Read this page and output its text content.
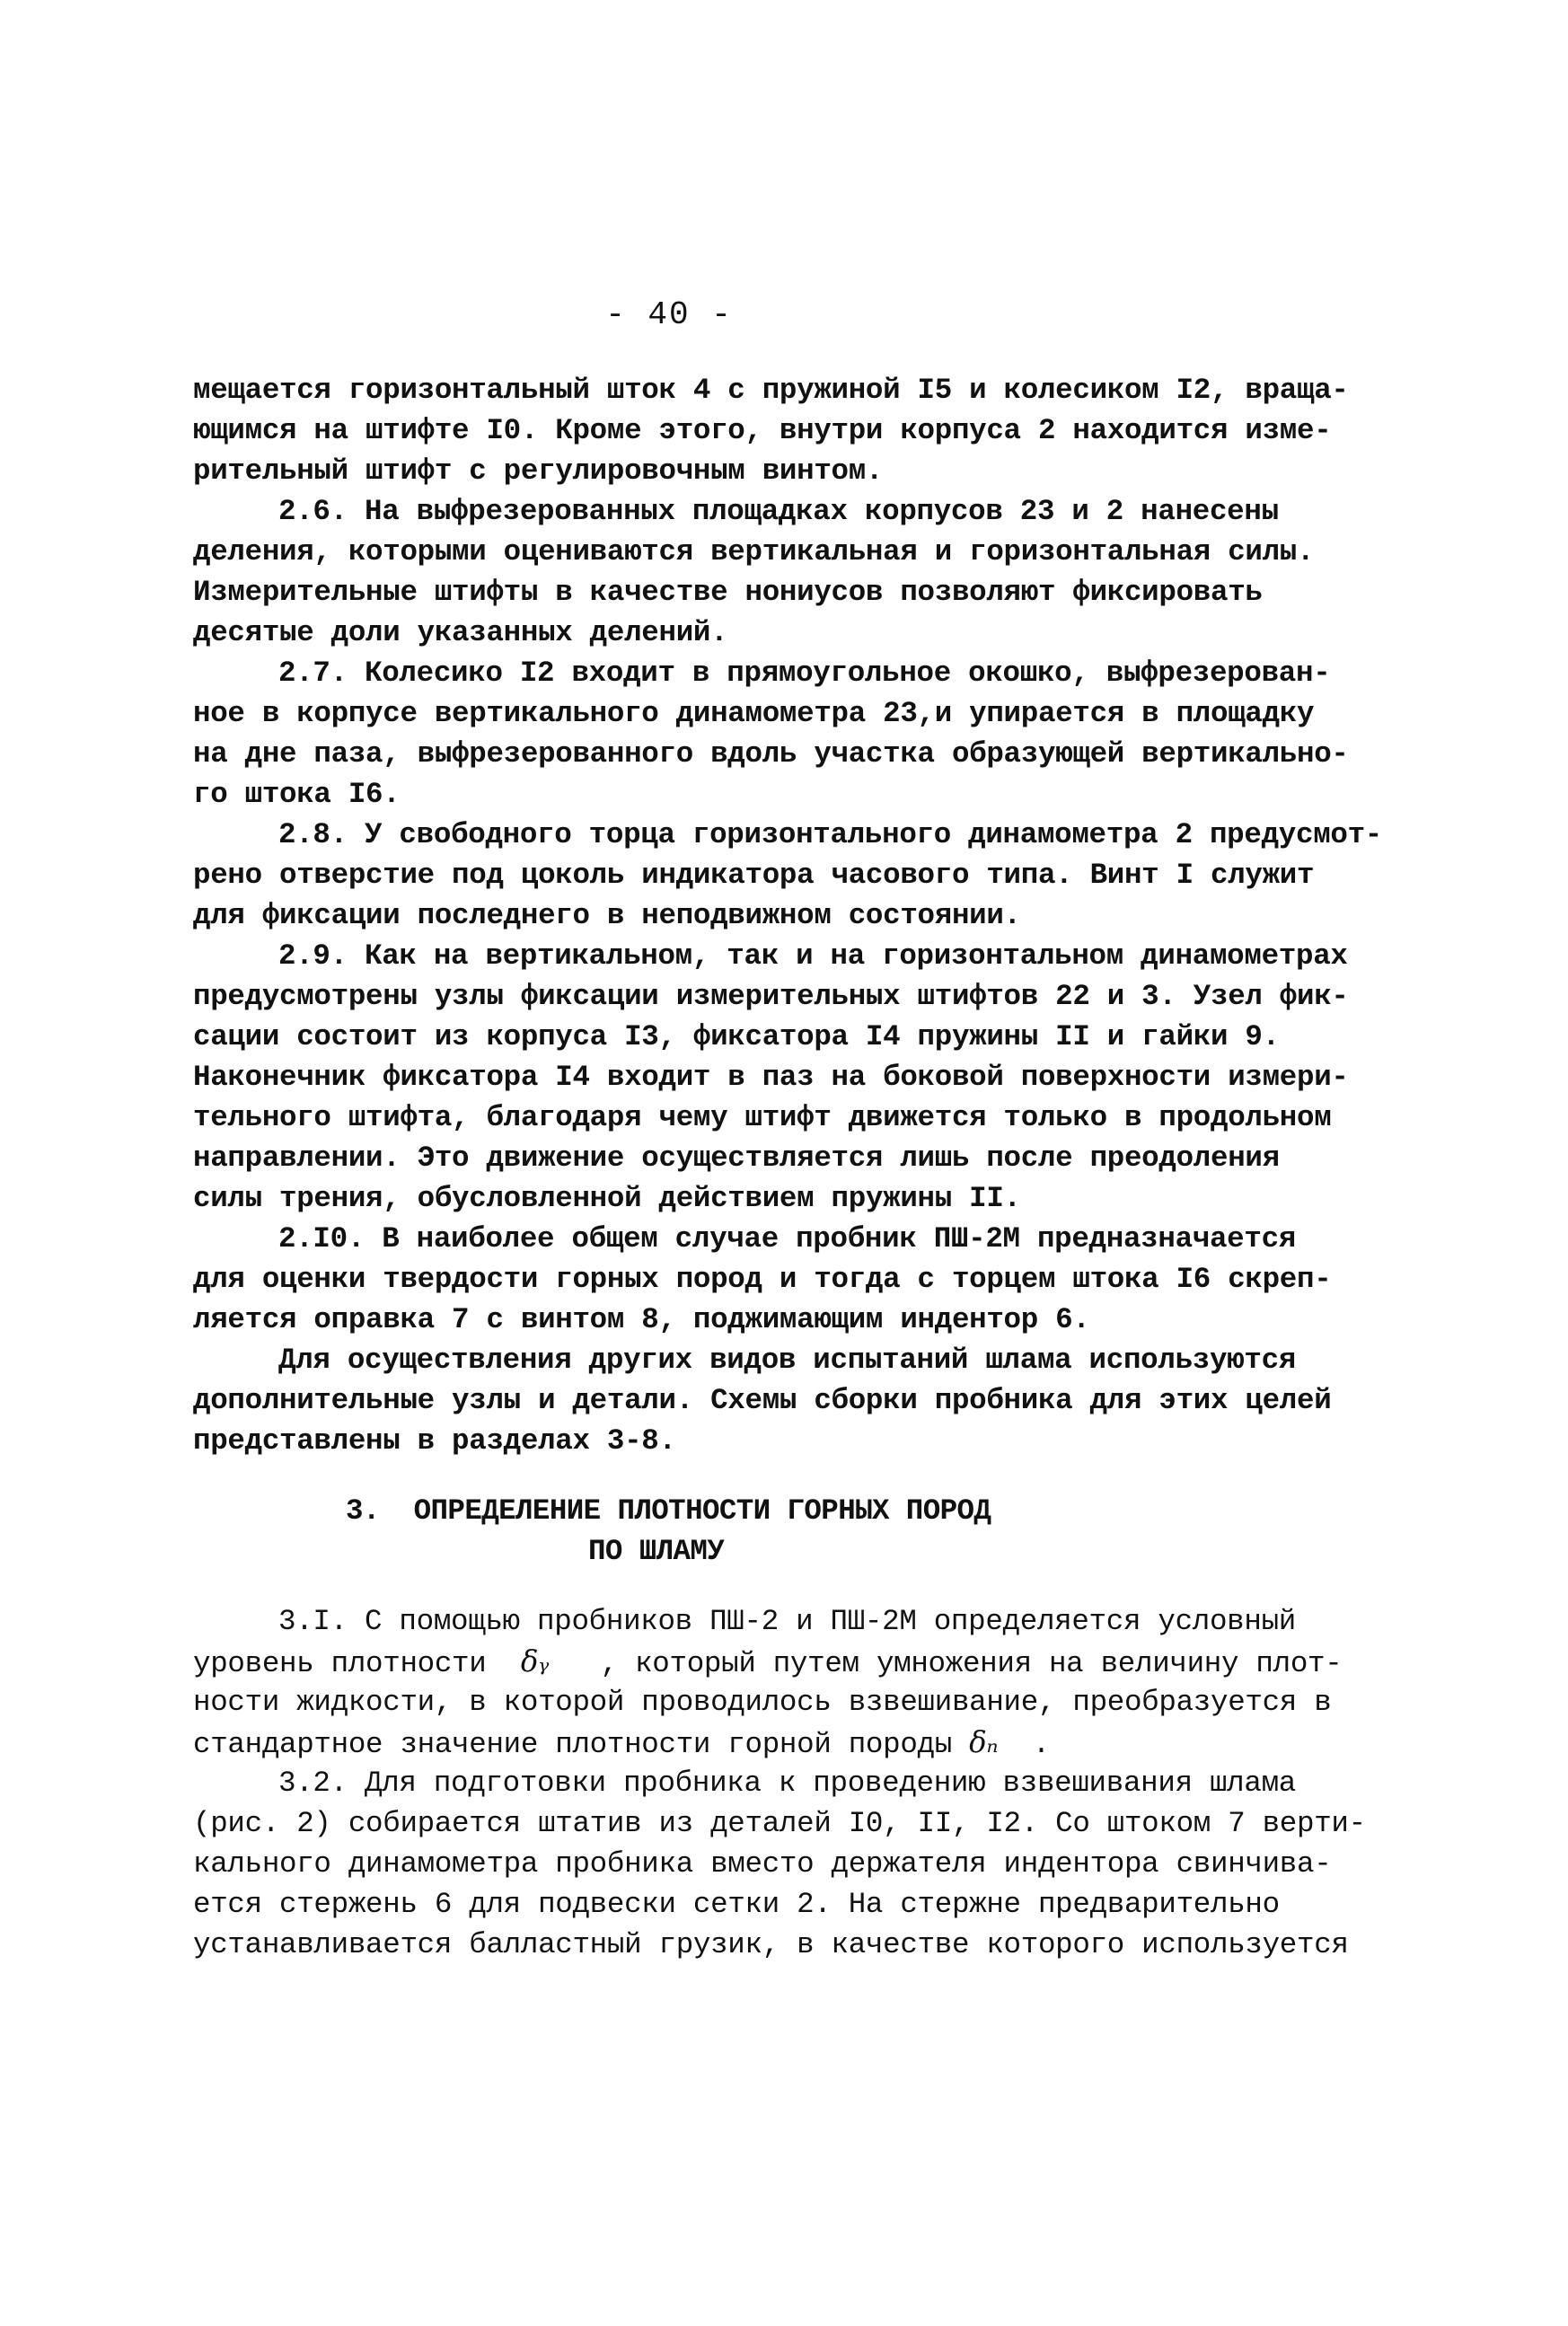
- 40 -
мещается горизонтальный шток 4 с пружиной I5 и колесиком I2, враща-
ющимся на штифте I0. Кроме этого, внутри корпуса 2 находится изме-
рительный штифт с регулировочным винтом.
2.6. На выфрезерованных площадках корпусов 23 и 2 нанесены
деления, которыми оцениваются вертикальная и горизонтальная силы.
Измерительные штифты в качестве нониусов позволяют фиксировать
десятые доли указанных делений.
2.7. Колесико I2 входит в прямоугольное окошко, выфрезерован-
ное в корпусе вертикального динамометра 23,и упирается в площадку
на дне паза, выфрезерованного вдоль участка образующей вертикально-
го штока I6.
2.8. У свободного торца горизонтального динамометра 2 предусмот-
рено отверстие под цоколь индикатора часового типа. Винт I служит
для фиксации последнего в неподвижном состоянии.
2.9. Как на вертикальном, так и на горизонтальном динамометрах
предусмотрены узлы фиксации измерительных штифтов 22 и 3. Узел фик-
сации состоит из корпуса I3, фиксатора I4 пружины II и гайки 9.
Наконечник фиксатора I4 входит в паз на боковой поверхности измери-
тельного штифта, благодаря чему штифт движется только в продольном
направлении. Это движение осуществляется лишь после преодоления
силы трения, обусловленной действием пружины II.
2.I0. В наиболее общем случае пробник ПШ-2М предназначается
для оценки твердости горных пород и тогда с торцем штока I6 скреп-
ляется оправка 7 с винтом 8, поджимающим индентор 6.
Для осуществления других видов испытаний шлама используются
дополнительные узлы и детали. Схемы сборки пробника для этих целей
представлены в разделах 3-8.
3.  ОПРЕДЕЛЕНИЕ ПЛОТНОСТИ ГОРНЫХ ПОРОД
ПО ШЛАМУ
3.I. С помощью пробников ПШ-2 и ПШ-2М определяется условный
уровень плотности  δᵧ   , который путем умножения на величину плот-
ности жидкости, в которой проводилось взвешивание, преобразуется в
стандартное значение плотности горной породы δₙ  .
3.2. Для подготовки пробника к проведению взвешивания шлама
(рис. 2) собирается штатив из деталей I0, II, I2. Со штоком 7 верти-
кального динамометра пробника вместо держателя индентора свинчива-
ется стержень 6 для подвески сетки 2. На стержне предварительно
устанавливается балластный грузик, в качестве которого используется
